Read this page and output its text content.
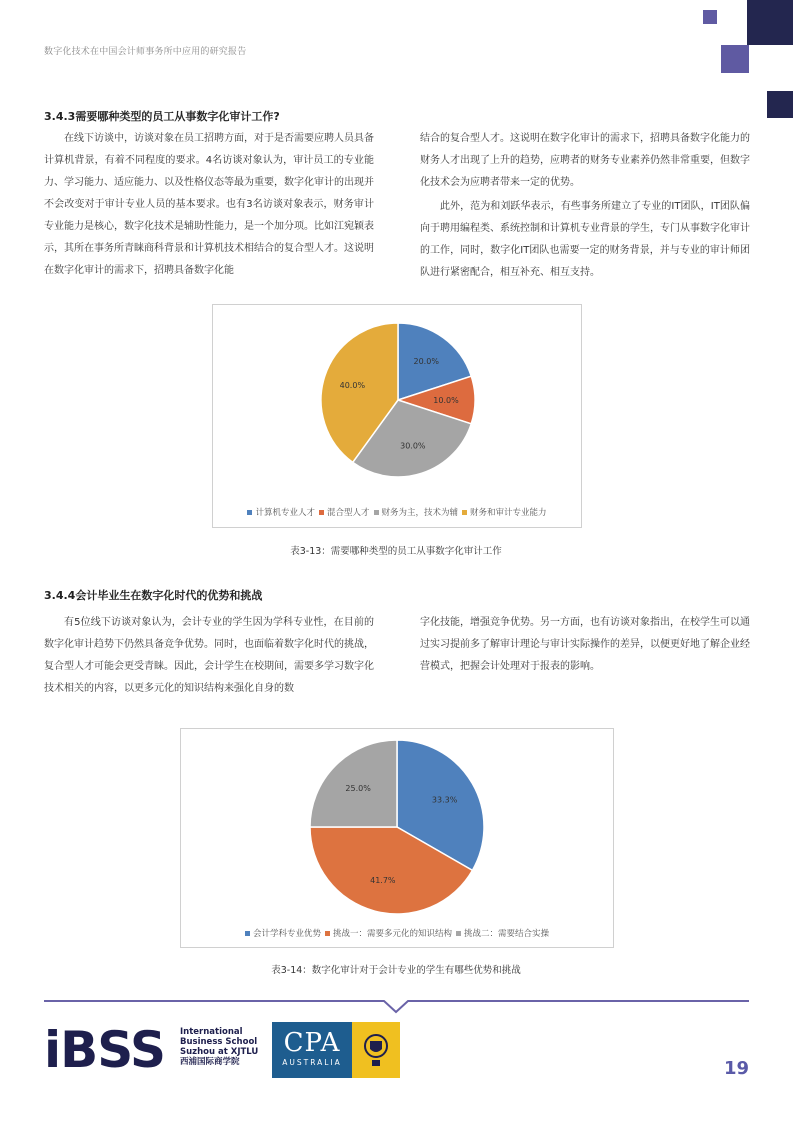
数字化技术在中国会计师事务所中应用的研究报告
3.4.3需要哪种类型的员工从事数字化审计工作?

在线下访谈中，访谈对象在员工招聘方面，对于是否需要应聘人员具备计算机背景，有着不同程度的要求。4名访谈对象认为，审计员工的专业能力、学习能力、适应能力、以及性格仪态等最为重要，数字化审计的出现并不会改变对于审计专业人员的基本要求。也有3名访谈对象表示，财务审计专业能力是核心，数字化技术是辅助性能力，是一个加分项。比如江宛颖表示，其所在事务所青睐商科背景和计算机技术相结合的复合型人才。这说明在数字化审计的需求下，招聘具备数字化能

结合的复合型人才。这说明在数字化审计的需求下，招聘具备数字化能力的财务人才出现了上升的趋势，应聘者的财务专业素养仍然非常重要，但数字化技术会为应聘者带来一定的优势。

此外，范为和刘跃华表示，有些事务所建立了专业的IT团队，IT团队偏向于聘用编程类、系统控制和计算机专业背景的学生，专门从事数字化审计的工作，同时，数字化IT团队也需要一定的财务背景，并与专业的审计师团队进行紧密配合，相互补充、相互支持。

20.0%
10.0%
30.0%
40.0%
计算机专业人才 混合型人才 财务为主，技术为辅 财务和审计专业能力
表3-13：需要哪种类型的员工从事数字化审计工作
3.4.4会计毕业生在数字化时代的优势和挑战

有5位线下访谈对象认为，会计专业的学生因为学科专业性，在目前的数字化审计趋势下仍然具备竞争优势。同时，也面临着数字化时代的挑战，复合型人才可能会更受青睐。因此，会计学生在校期间，需要多学习数字化技术相关的内容，以更多元化的知识结构来强化自身的数

字化技能，增强竞争优势。另一方面，也有访谈对象指出，在校学生可以通过实习提前多了解审计理论与审计实际操作的差异，以便更好地了解企业经营模式，把握会计处理对于报表的影响。

33.3%
41.7%
25.0%
会计学科专业优势 挑战一：需要多元化的知识结构 挑战二：需要结合实操
表3-14：数字化审计对于会计专业的学生有哪些优势和挑战
iBSS International
Business School
Suzhou at XJTLU
西浦国际商学院
CPA
AUSTRALIA	19
